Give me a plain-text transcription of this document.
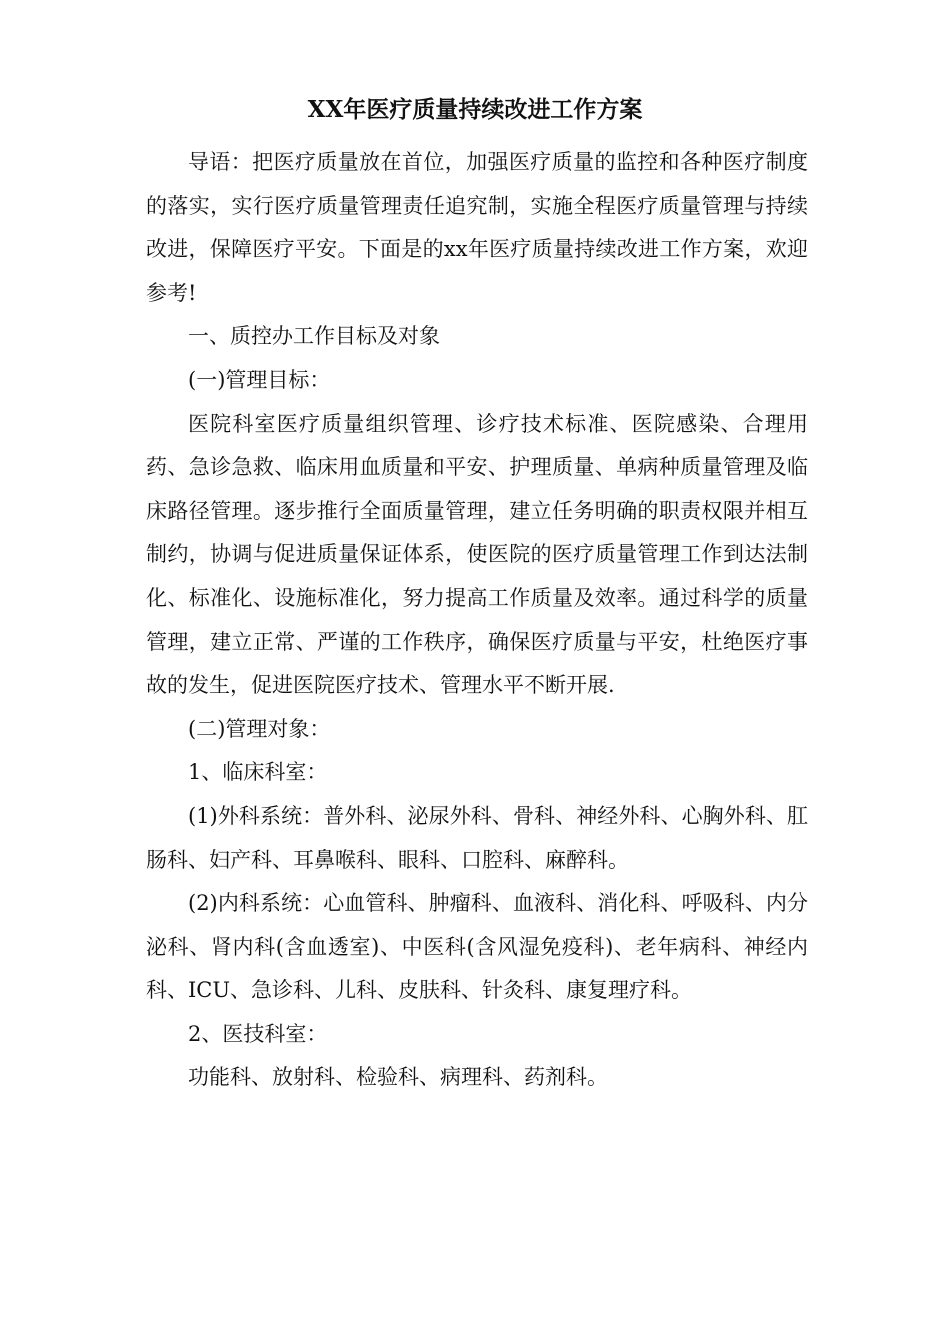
XX年医疗质量持续改进工作方案

导语：把医疗质量放在首位，加强医疗质量的监控和各种医疗制度的落实，实行医疗质量管理责任追究制，实施全程医疗质量管理与持续改进，保障医疗平安。下面是的xx年医疗质量持续改进工作方案，欢迎参考!

一、质控办工作目标及对象

(一)管理目标：

医院科室医疗质量组织管理、诊疗技术标准、医院感染、合理用药、急诊急救、临床用血质量和平安、护理质量、单病种质量管理及临床路径管理。逐步推行全面质量管理，建立任务明确的职责权限并相互制约，协调与促进质量保证体系，使医院的医疗质量管理工作到达法制化、标准化、设施标准化，努力提高工作质量及效率。通过科学的质量管理，建立正常、严谨的工作秩序，确保医疗质量与平安，杜绝医疗事故的发生，促进医院医疗技术、管理水平不断开展.

(二)管理对象：

1、临床科室：

(1)外科系统：普外科、泌尿外科、骨科、神经外科、心胸外科、肛肠科、妇产科、耳鼻喉科、眼科、口腔科、麻醉科。

(2)内科系统：心血管科、肿瘤科、血液科、消化科、呼吸科、内分泌科、肾内科(含血透室)、中医科(含风湿免疫科)、老年病科、神经内科、ICU、急诊科、儿科、皮肤科、针灸科、康复理疗科。

2、医技科室：

功能科、放射科、检验科、病理科、药剂科。
